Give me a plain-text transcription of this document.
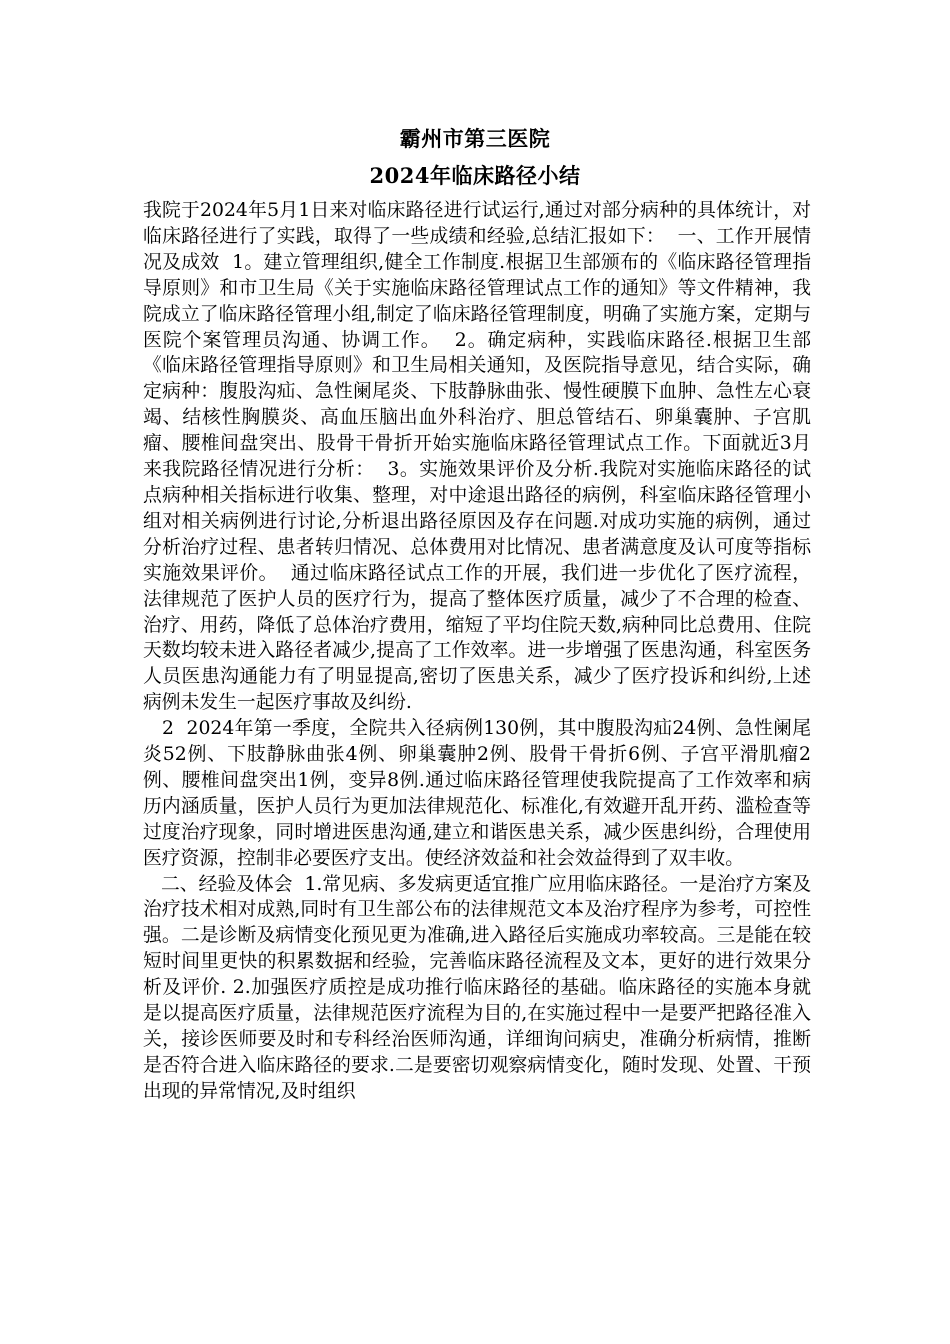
霸州市第三医院
2024年临床路径小结

我院于2024年5月1日来对临床路径进行试运行,通过对部分病种的具体统计，对临床路径进行了实践，取得了一些成绩和经验,总结汇报如下：  一、工作开展情况及成效  1。建立管理组织,健全工作制度.根据卫生部颁布的《临床路径管理指导原则》和市卫生局《关于实施临床路径管理试点工作的通知》等文件精神，我院成立了临床路径管理小组,制定了临床路径管理制度，明确了实施方案，定期与医院个案管理员沟通、协调工作。  2。确定病种，实践临床路径.根据卫生部《临床路径管理指导原则》和卫生局相关通知，及医院指导意见，结合实际，确定病种：腹股沟疝、急性阑尾炎、下肢静脉曲张、慢性硬膜下血肿、急性左心衰竭、结核性胸膜炎、高血压脑出血外科治疗、胆总管结石、卵巢囊肿、子宫肌瘤、腰椎间盘突出、股骨干骨折开始实施临床路径管理试点工作。下面就近3月来我院路径情况进行分析：  3。实施效果评价及分析.我院对实施临床路径的试点病种相关指标进行收集、整理，对中途退出路径的病例，科室临床路径管理小组对相关病例进行讨论,分析退出路径原因及存在问题.对成功实施的病例，通过分析治疗过程、患者转归情况、总体费用对比情况、患者满意度及认可度等指标实施效果评价。  通过临床路径试点工作的开展，我们进一步优化了医疗流程，法律规范了医护人员的医疗行为，提高了整体医疗质量，减少了不合理的检查、治疗、用药，降低了总体治疗费用，缩短了平均住院天数,病种同比总费用、住院天数均较未进入路径者减少,提高了工作效率。进一步增强了医患沟通，科室医务人员医患沟通能力有了明显提高,密切了医患关系，减少了医疗投诉和纠纷,上述病例未发生一起医疗事故及纠纷.

2  2024年第一季度，全院共入径病例130例，其中腹股沟疝24例、急性阑尾炎52例、下肢静脉曲张4例、卵巢囊肿2例、股骨干骨折6例、子宫平滑肌瘤2例、腰椎间盘突出1例，变异8例.通过临床路径管理使我院提高了工作效率和病历内涵质量，医护人员行为更加法律规范化、标准化,有效避开乱开药、滥检查等过度治疗现象，同时增进医患沟通,建立和谐医患关系，减少医患纠纷，合理使用医疗资源，控制非必要医疗支出。使经济效益和社会效益得到了双丰收。

二、经验及体会  1.常见病、多发病更适宜推广应用临床路径。一是治疗方案及治疗技术相对成熟,同时有卫生部公布的法律规范文本及治疗程序为参考，可控性强。二是诊断及病情变化预见更为准确,进入路径后实施成功率较高。三是能在较短时间里更快的积累数据和经验，完善临床路径流程及文本，更好的进行效果分析及评价. 2.加强医疗质控是成功推行临床路径的基础。临床路径的实施本身就是以提高医疗质量，法律规范医疗流程为目的,在实施过程中一是要严把路径准入关，接诊医师要及时和专科经治医师沟通，详细询问病史，准确分析病情，推断是否符合进入临床路径的要求.二是要密切观察病情变化，随时发现、处置、干预出现的异常情况,及时组织
